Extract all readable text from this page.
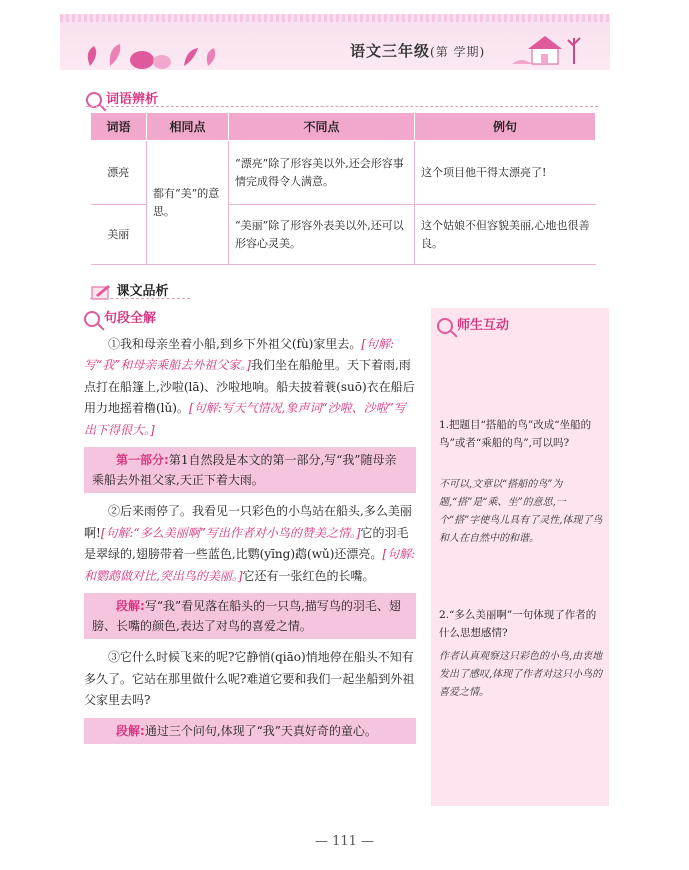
语文三年级(第 学期)
词语辨析
词语	相同点	不同点	例句
漂亮	都有“美”的意思。	“漂亮”除了形容美以外,还会形容事情完成得令人满意。	这个项目他干得太漂亮了!
美丽		“美丽”除了形容外表美以外,还可以形容心灵美。	这个姑娘不但容貌美丽,心地也很善良。
课文品析
句段全解

①我和母亲坐着小船,到乡下外祖父(fù)家里去。[句解:写“我”和母亲乘船去外祖父家。]我们坐在船舱里。天下着雨,雨点打在船篷上,沙啦(lā)、沙啦地响。船夫披着蓑(suō)衣在船后用力地摇着橹(lǔ)。[句解:写天气情况,象声词“沙啦、沙啦”写出下得很大。]

第一部分:第1自然段是本文的第一部分,写“我”随母亲乘船去外祖父家,天正下着大雨。

②后来雨停了。我看见一只彩色的小鸟站在船头,多么美丽啊![句解:“多么美丽啊”写出作者对小鸟的赞美之情。]它的羽毛是翠绿的,翅膀带着一些蓝色,比鹦(yīng)鹉(wǔ)还漂亮。[句解:和鹦鹉做对比,突出鸟的美丽。]它还有一张红色的长嘴。

段解:写“我”看见落在船头的一只鸟,描写鸟的羽毛、翅膀、长嘴的颜色,表达了对鸟的喜爱之情。

③它什么时候飞来的呢?它静悄(qiāo)悄地停在船头不知有多久了。它站在那里做什么呢?难道它要和我们一起坐船到外祖父家里去吗?

段解:通过三个问句,体现了“我”天真好奇的童心。
师生互动
1.把题目“搭船的鸟”改成“坐船的鸟”或者“乘船的鸟”,可以吗?
不可以,文章以“搭船的鸟”为题,“搭”是“乘、坐”的意思,一个“搭”字使鸟儿具有了灵性,体现了鸟和人在自然中的和谐。
2.“多么美丽啊”一句体现了作者的什么思想感情?
作者认真观察这只彩色的小鸟,由衷地发出了感叹,体现了作者对这只小鸟的喜爱之情。
— 111 —
